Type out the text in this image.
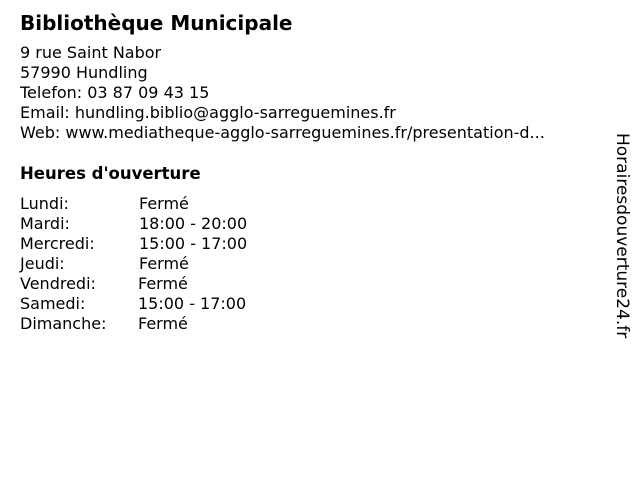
Bibliothèque Municipale
9 rue Saint Nabor
57990 Hundling
Telefon: 03 87 09 43 15
Email: hundling.biblio@agglo-sarreguemines.fr
Web: www.mediatheque-agglo-sarreguemines.fr/presentation-d...
Heures d'ouverture
Lundi:	Fermé
Mardi:	18:00 - 20:00
Mercredi:	15:00 - 17:00
Jeudi:	Fermé
Vendredi:	Fermé
Samedi:	15:00 - 17:00
Dimanche: Fermé	Horairesdouverture24.fr
